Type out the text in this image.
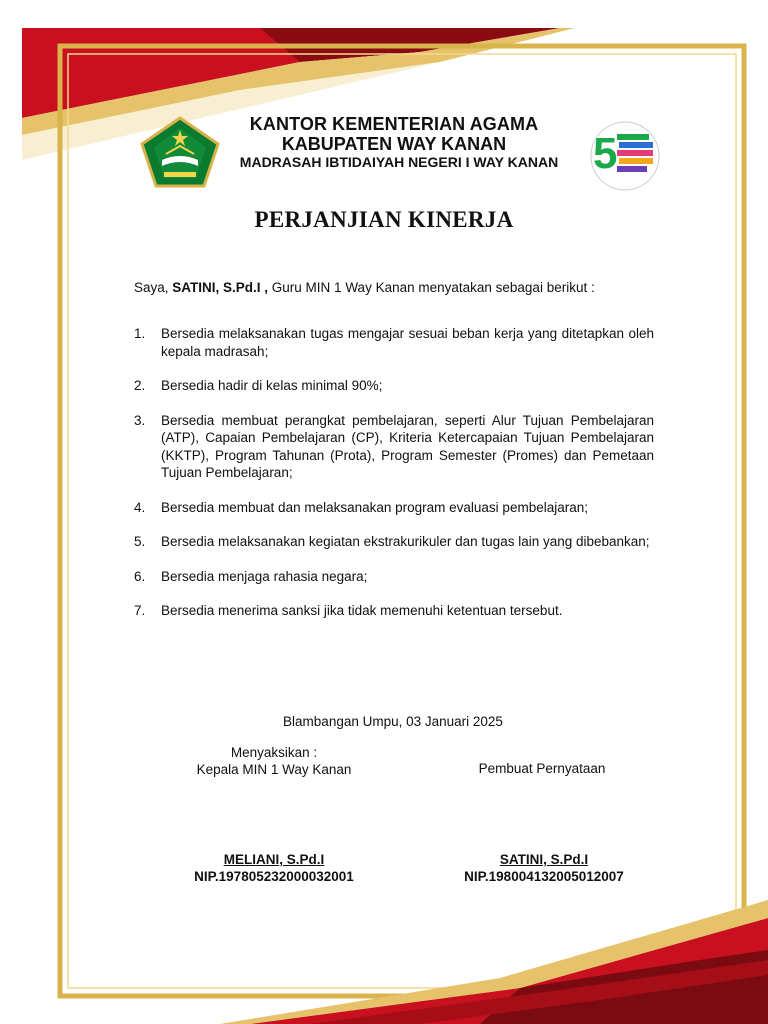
KANTOR KEMENTERIAN AGAMA
KABUPATEN WAY KANAN
MADRASAH IBTIDAIYAH NEGERI I WAY KANAN 5
PERJANJIAN KINERJA
Saya, SATINI, S.Pd.I , Guru MIN 1 Way Kanan menyatakan sebagai berikut :
1. Bersedia melaksanakan tugas mengajar sesuai beban kerja yang ditetapkan oleh kepala madrasah;
2. Bersedia hadir di kelas minimal 90%;
3. Bersedia membuat perangkat pembelajaran, seperti Alur Tujuan Pembelajaran (ATP), Capaian Pembelajaran (CP), Kriteria Ketercapaian Tujuan Pembelajaran (KKTP), Program Tahunan (Prota), Program Semester (Promes) dan Pemetaan Tujuan Pembelajaran;
4. Bersedia membuat dan melaksanakan program evaluasi pembelajaran;
5. Bersedia melaksanakan kegiatan ekstrakurikuler dan tugas lain yang dibebankan;
6. Bersedia menjaga rahasia negara;
7. Bersedia menerima sanksi jika tidak memenuhi ketentuan tersebut.
Blambangan Umpu, 03 Januari 2025
Menyaksikan :
Kepala MIN 1 Way Kanan	Pembuat Pernyataan
MELIANI, S.Pd.I
NIP.197805232000032001
SATINI, S.Pd.I
NIP.198004132005012007
